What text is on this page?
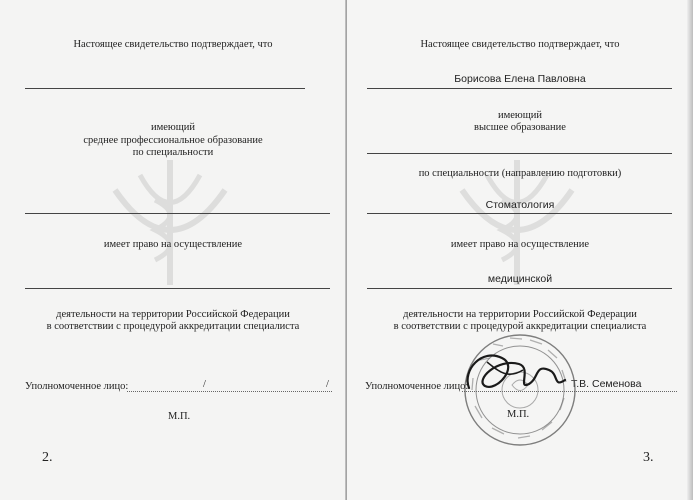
Настоящее свидетельство подтверждает, что
имеющий
среднее профессиональное образование
по специальности
имеет право на осуществление
деятельности на территории Российской Федерации
в соответствии с процедурой аккредитации специалиста
Уполномоченное лицо:	/	/
М.П.
2.
Настоящее свидетельство подтверждает, что
Борисова Елена Павловна
имеющий
высшее образование
по специальности (направлению подготовки)
Стоматология
имеет право на осуществление
медицинской
деятельности на территории Российской Федерации
в соответствии с процедурой аккредитации специалиста
Уполномоченное лицо:	Т.В. Семенова
М.П.
3.
